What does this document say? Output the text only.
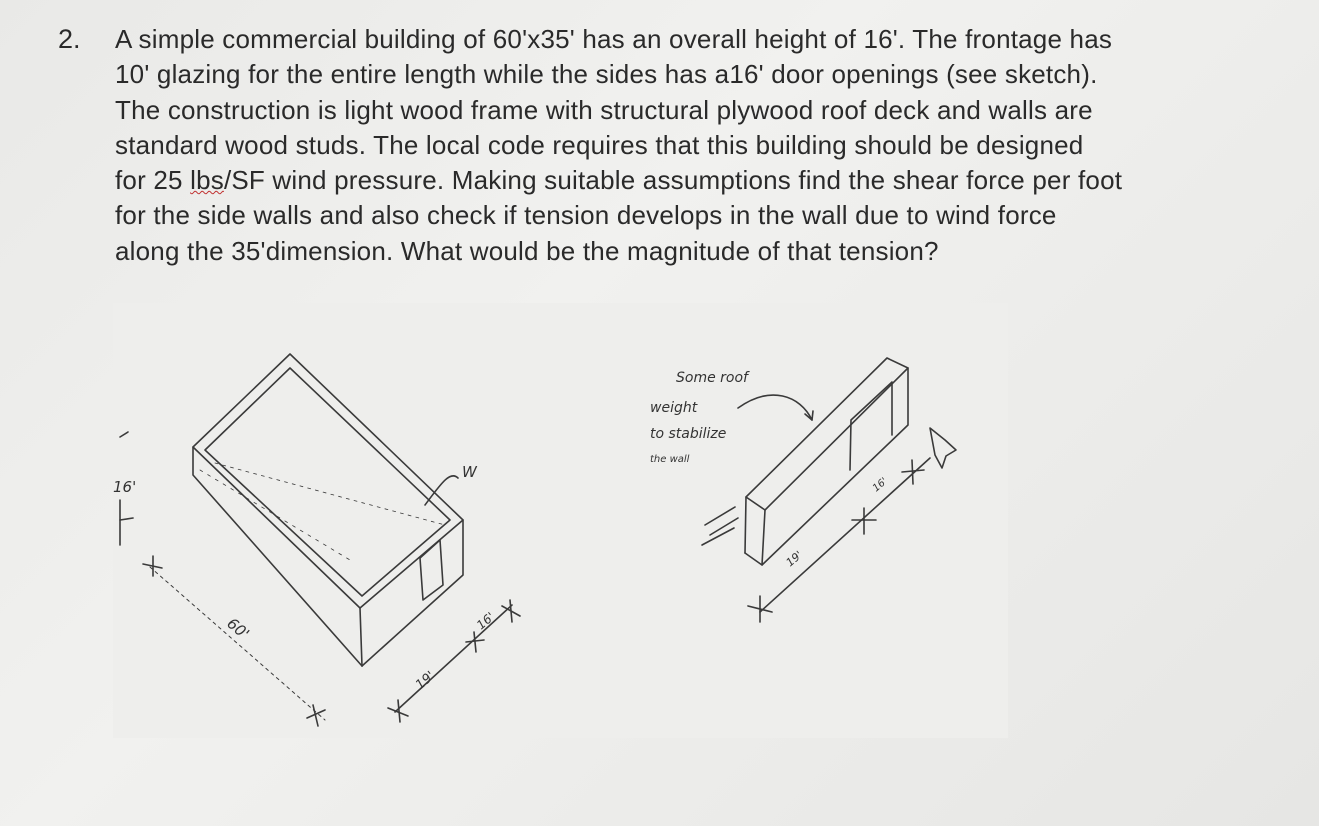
2. A simple commercial building of 60'x35' has an overall height of 16'. The frontage has
10' glazing for the entire length while the sides has a16' door openings (see sketch).
The construction is light wood frame with structural plywood roof deck and walls are
standard wood studs. The local code requires that this building should be designed
for 25 lbs/SF wind pressure. Making suitable assumptions find the shear force per foot
for the side walls and also check if tension develops in the wall due to wind force
along the 35'dimension. What would be the magnitude of that tension?
16'
60'
W
19'
16'
Some roof
weight
to stabilize
the wall
19'
16'
